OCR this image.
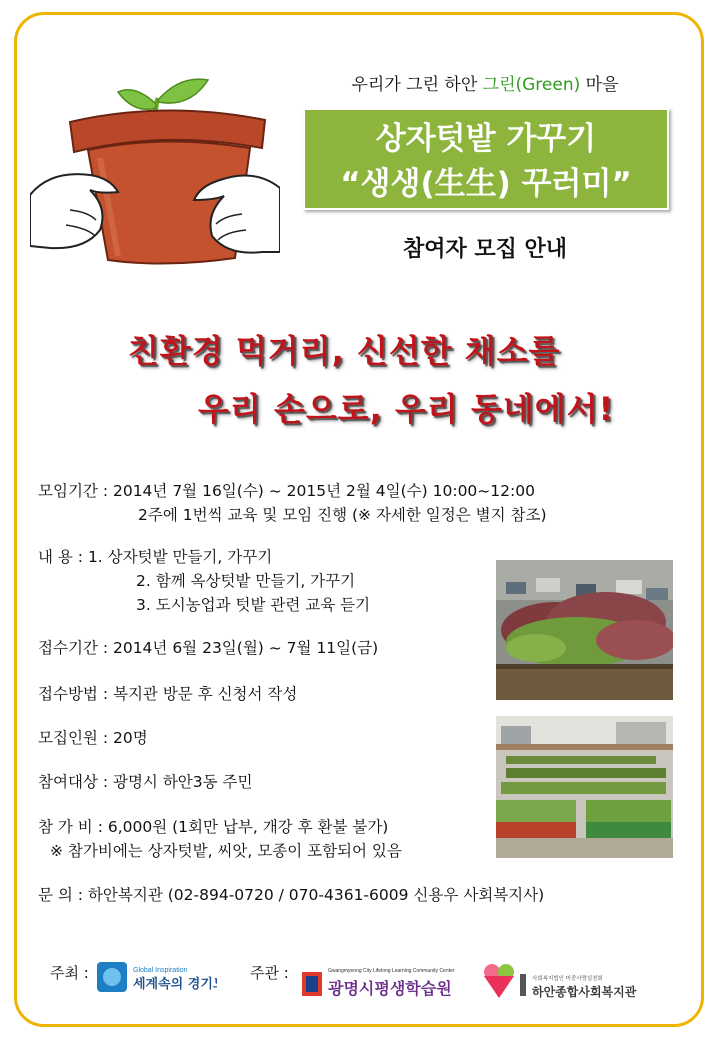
우리가 그린 하안 그린(Green) 마을
상자텃밭 가꾸기
“생생(生生) 꾸러미”
참여자 모집 안내
친환경 먹거리, 신선한 채소를
우리 손으로, 우리 동네에서!
모임기간 : 2014년 7월 16일(수) ~ 2015년 2월 4일(수) 10:00~12:00
2주에 1번씩 교육 및 모임 진행 (※ 자세한 일정은 별지 참조)
내 용 : 1. 상자텃밭 만들기, 가꾸기
2. 함께 옥상텃밭 만들기, 가꾸기
3. 도시농업과 텃밭 관련 교육 듣기
접수기간 : 2014년 6월 23일(월) ~ 7월 11일(금)
접수방법 : 복지관 방문 후 신청서 작성
모집인원 : 20명
참여대상 : 광명시 하안3동 주민
참 가 비 : 6,000원 (1회만 납부, 개강 후 환불 불가)
※ 참가비에는 상자텃밭, 씨앗, 모종이 포함되어 있음
문 의 : 하안복지관 (02-894-0720 / 070-4361-6009 신용우 사회복지사)
주최 :	Global Inspiration
세계속의 경기도
주관 :	Gwangmyeong City Lifelong Learning Community Center
광명시평생학습원	사회복지법인 미중사랑실천회
하안종합사회복지관
